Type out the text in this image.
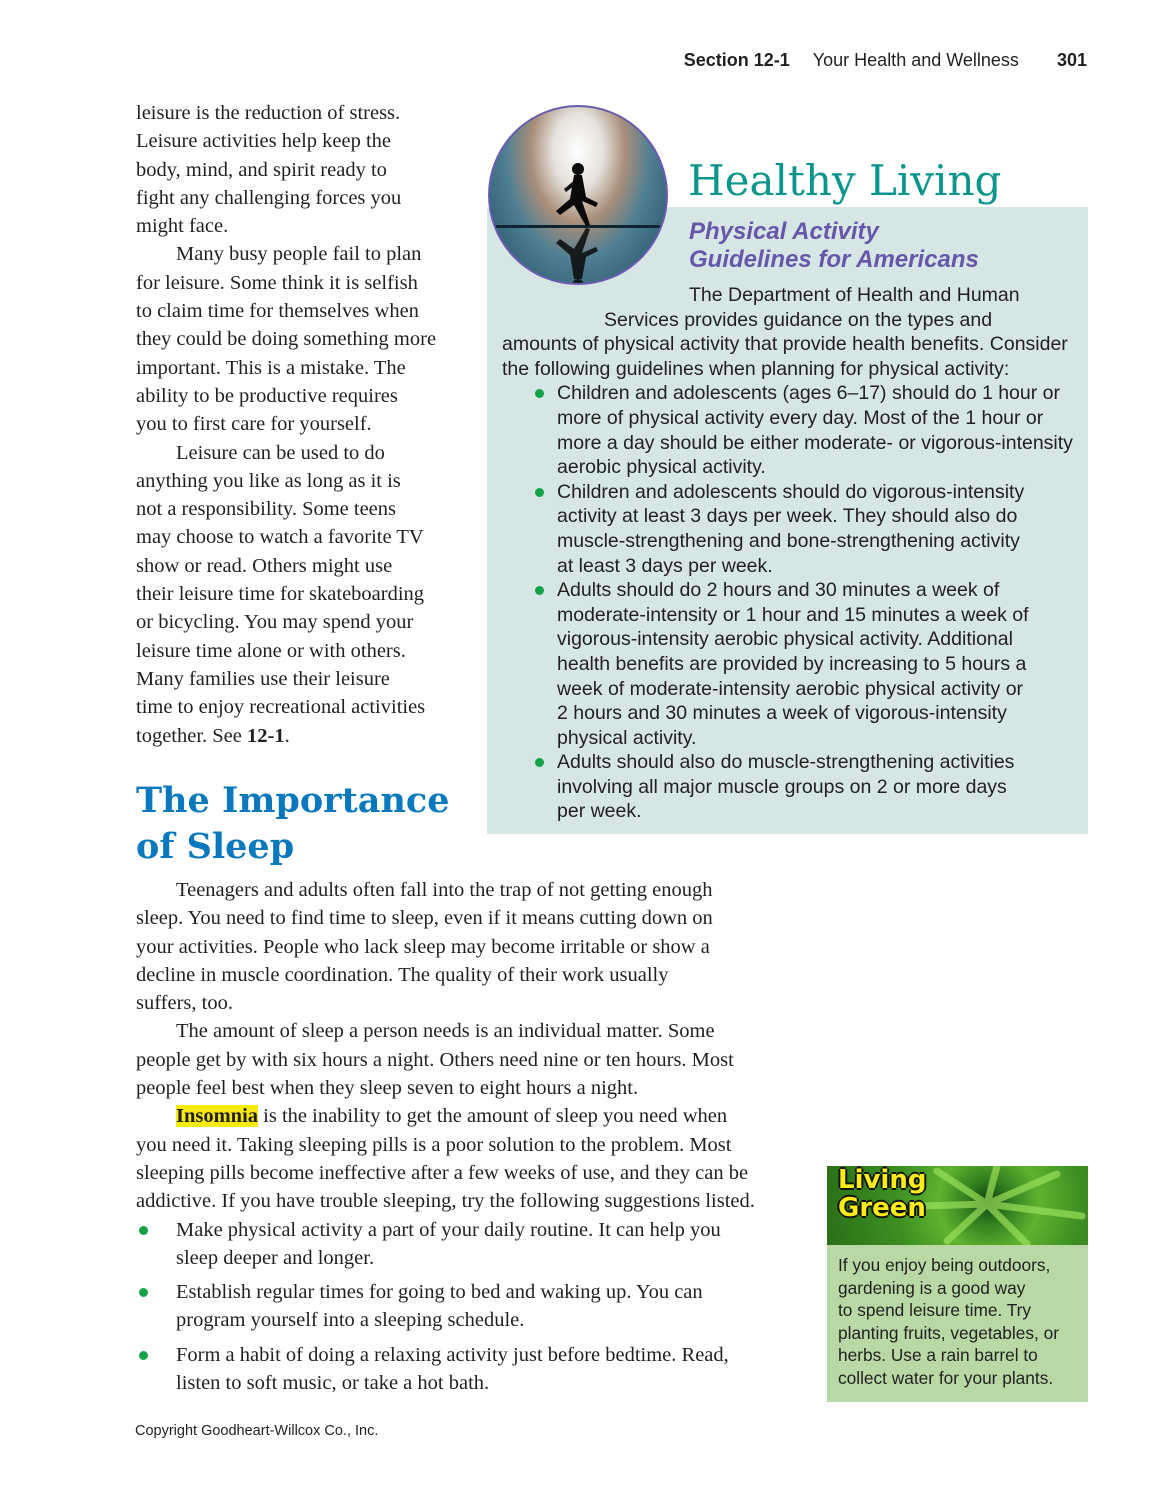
Section 12-1 Your Health and Wellness 301
leisure is the reduction of stress.
Leisure activities help keep the
body, mind, and spirit ready to
fight any challenging forces you
might face.
Many busy people fail to plan
for leisure. Some think it is selfish
to claim time for themselves when
they could be doing something more
important. This is a mistake. The
ability to be productive requires
you to first care for yourself.
Leisure can be used to do
anything you like as long as it is
not a responsibility. Some teens
may choose to watch a favorite TV
show or read. Others might use
their leisure time for skateboarding
or bicycling. You may spend your
leisure time alone or with others.
Many families use their leisure
time to enjoy recreational activities
together. See 12-1.
The Importance
of Sleep
Healthy Living
Physical Activity
Guidelines for Americans
The Department of Health and Human
Services provides guidance on the types and
amounts of physical activity that provide health benefits. Consider
the following guidelines when planning for physical activity:
Children and adolescents (ages 6–17) should do 1 hour or
more of physical activity every day. Most of the 1 hour or
more a day should be either moderate- or vigorous-intensity
aerobic physical activity.
Children and adolescents should do vigorous-intensity
activity at least 3 days per week. They should also do
muscle-strengthening and bone-strengthening activity
at least 3 days per week.
Adults should do 2 hours and 30 minutes a week of
moderate-intensity or 1 hour and 15 minutes a week of
vigorous-intensity aerobic physical activity. Additional
health benefits are provided by increasing to 5 hours a
week of moderate-intensity aerobic physical activity or
2 hours and 30 minutes a week of vigorous-intensity
physical activity.
Adults should also do muscle-strengthening activities
involving all major muscle groups on 2 or more days
per week.
Teenagers and adults often fall into the trap of not getting enough
sleep. You need to find time to sleep, even if it means cutting down on
your activities. People who lack sleep may become irritable or show a
decline in muscle coordination. The quality of their work usually
suffers, too.
The amount of sleep a person needs is an individual matter. Some
people get by with six hours a night. Others need nine or ten hours. Most
people feel best when they sleep seven to eight hours a night.
Insomnia is the inability to get the amount of sleep you need when
you need it. Taking sleeping pills is a poor solution to the problem. Most
sleeping pills become ineffective after a few weeks of use, and they can be
addictive. If you have trouble sleeping, try the following suggestions listed.
Make physical activity a part of your daily routine. It can help you
sleep deeper and longer.
Establish regular times for going to bed and waking up. You can
program yourself into a sleeping schedule.
Form a habit of doing a relaxing activity just before bedtime. Read,
listen to soft music, or take a hot bath.
Living
Green
If you enjoy being outdoors,
gardening is a good way
to spend leisure time. Try
planting fruits, vegetables, or
herbs. Use a rain barrel to
collect water for your plants.
Copyright Goodheart-Willcox Co., Inc.
